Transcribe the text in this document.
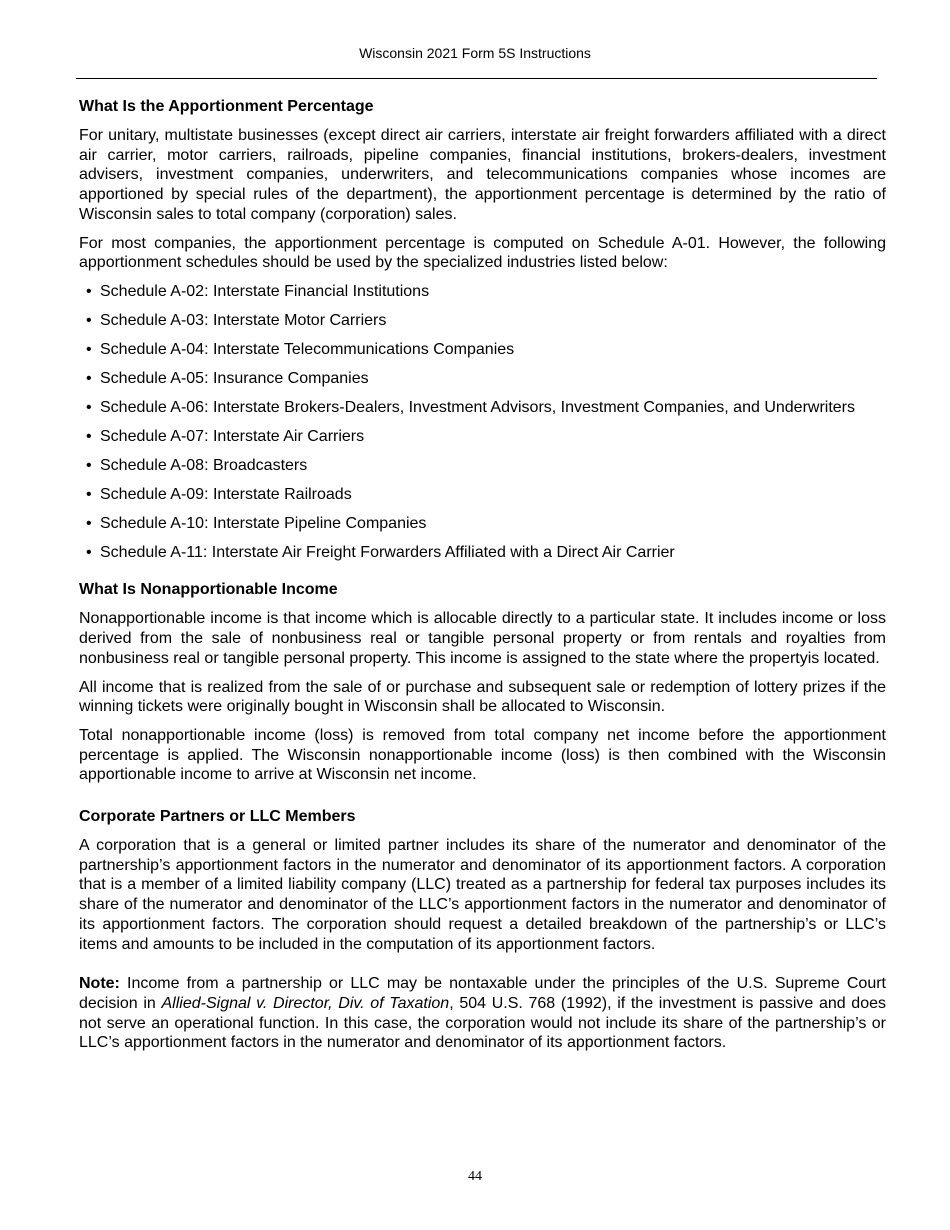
Wisconsin 2021 Form 5S Instructions
What Is the Apportionment Percentage

For unitary, multistate businesses (except direct air carriers, interstate air freight forwarders affiliated with a direct air carrier, motor carriers, railroads, pipeline companies, financial institutions, brokers-dealers, investment advisers, investment companies, underwriters, and telecommunications companies whose incomes are apportioned by special rules of the department), the apportionment percentage is determined by the ratio of Wisconsin sales to total company (corporation) sales.

For most companies, the apportionment percentage is computed on Schedule A-01. However, the following apportionment schedules should be used by the specialized industries listed below:

• Schedule A-02: Interstate Financial Institutions
• Schedule A-03: Interstate Motor Carriers
• Schedule A-04: Interstate Telecommunications Companies
• Schedule A-05: Insurance Companies
• Schedule A-06: Interstate Brokers-Dealers, Investment Advisors, Investment Companies, and Underwriters
• Schedule A-07: Interstate Air Carriers
• Schedule A-08: Broadcasters
• Schedule A-09: Interstate Railroads
• Schedule A-10: Interstate Pipeline Companies
• Schedule A-11: Interstate Air Freight Forwarders Affiliated with a Direct Air Carrier
What Is Nonapportionable Income

Nonapportionable income is that income which is allocable directly to a particular state. It includes income or loss derived from the sale of nonbusiness real or tangible personal property or from rentals and royalties from nonbusiness real or tangible personal property. This income is assigned to the state where the propertyis located.

All income that is realized from the sale of or purchase and subsequent sale or redemption of lottery prizes if the winning tickets were originally bought in Wisconsin shall be allocated to Wisconsin.

Total nonapportionable income (loss) is removed from total company net income before the apportionment percentage is applied. The Wisconsin nonapportionable income (loss) is then combined with the Wisconsin apportionable income to arrive at Wisconsin net income.

Corporate Partners or LLC Members

A corporation that is a general or limited partner includes its share of the numerator and denominator of the partnership’s apportionment factors in the numerator and denominator of its apportionment factors. A corporation that is a member of a limited liability company (LLC) treated as a partnership for federal tax purposes includes its share of the numerator and denominator of the LLC’s apportionment factors in the numerator and denominator of its apportionment factors. The corporation should request a detailed breakdown of the partnership’s or LLC’s items and amounts to be included in the computation of its apportionment factors.

Note: Income from a partnership or LLC may be nontaxable under the principles of the U.S. Supreme Court decision in Allied-Signal v. Director, Div. of Taxation, 504 U.S. 768 (1992), if the investment is passive and does not serve an operational function. In this case, the corporation would not include its share of the partnership’s or LLC’s apportionment factors in the numerator and denominator of its apportionment factors.

44
